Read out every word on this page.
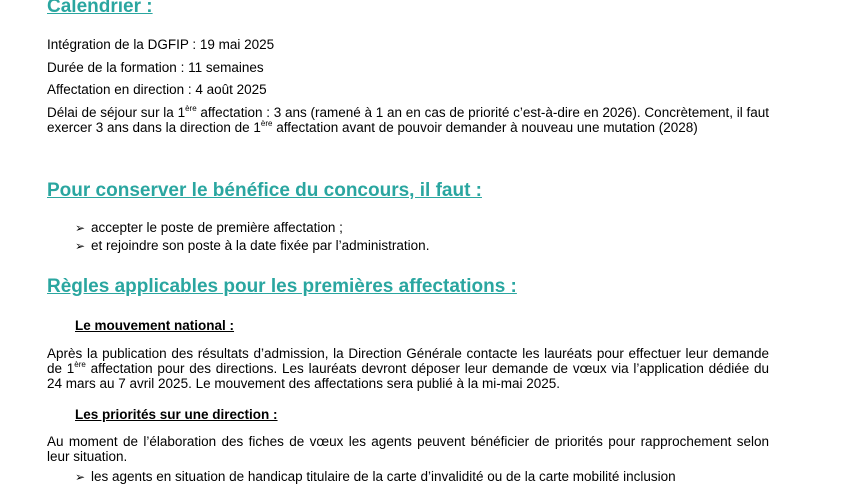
Calendrier :
Intégration de la DGFIP : 19 mai 2025
Durée de la formation : 11 semaines
Affectation en direction : 4 août 2025
Délai de séjour sur la 1ère affectation : 3 ans (ramené à 1 an en cas de priorité c’est-à-dire en 2026). Concrètement, il faut exercer 3 ans dans la direction de 1ère affectation avant de pouvoir demander à nouveau une mutation (2028)
Pour conserver le bénéfice du concours, il faut :
➢ accepter le poste de première affectation ;
➢ et rejoindre son poste à la date fixée par l’administration.
Règles applicables pour les premières affectations :
Le mouvement national :
Après la publication des résultats d’admission, la Direction Générale contacte les lauréats pour effectuer leur demande de 1ère affectation pour des directions. Les lauréats devront déposer leur demande de vœux via l’application dédiée du 24 mars au 7 avril 2025. Le mouvement des affectations sera publié à la mi-mai 2025.
Les priorités sur une direction :
Au moment de l’élaboration des fiches de vœux les agents peuvent bénéficier de priorités pour rapprochement selon leur situation.
➢ les agents en situation de handicap titulaire de la carte d’invalidité ou de la carte mobilité inclusion
